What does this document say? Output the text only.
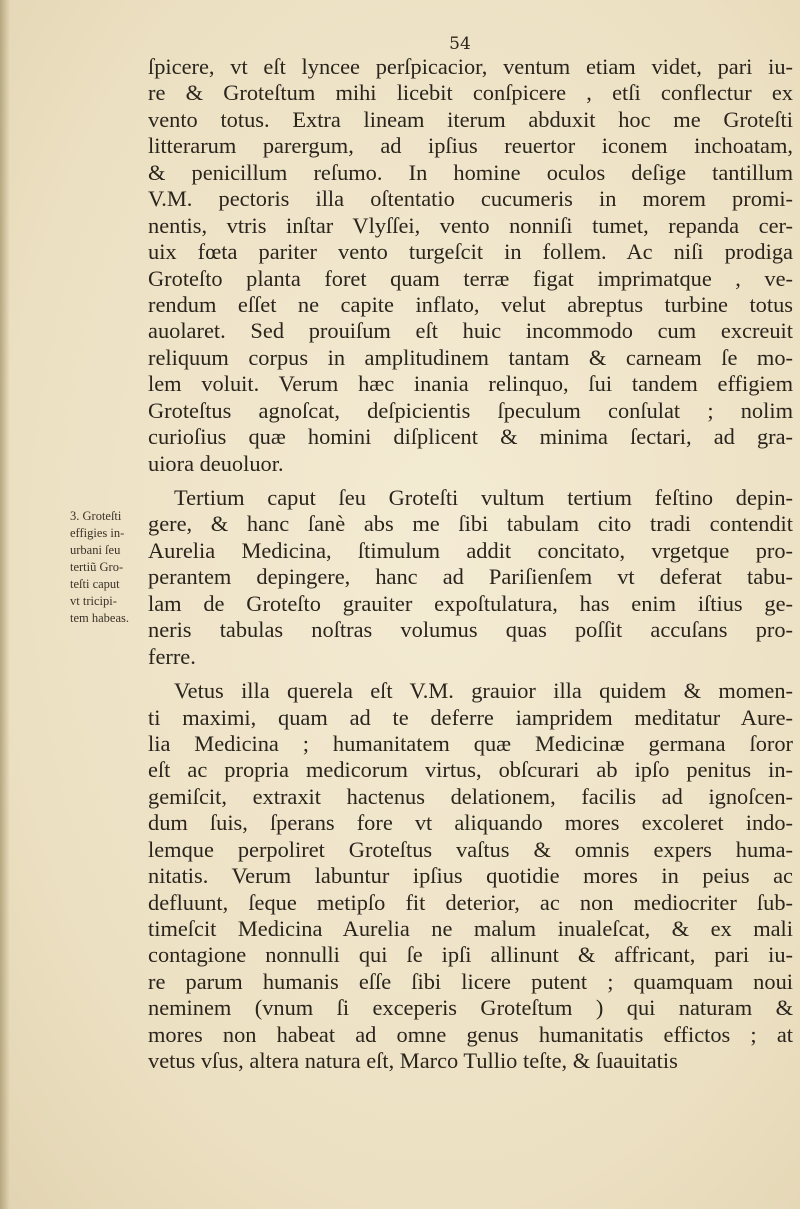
54
ſpicere, vt eſt lyncee perſpicacior, ventum etiam videt, pari iu-
re & Groteſtum mihi licebit conſpicere , etſi conflectur ex
vento totus. Extra lineam iterum abduxit hoc me Groteſti
litterarum parergum, ad ipſius reuertor iconem inchoatam,
& penicillum reſumo. In homine oculos deſige tantillum
V.M. pectoris illa oſtentatio cucumeris in morem promi-
nentis, vtris inſtar Vlyſſei, vento nonniſi tumet, repanda cer-
uix fœta pariter vento turgeſcit in follem. Ac niſi prodiga
Groteſto planta foret quam terræ figat imprimatque , ve-
rendum eſſet ne capite inflato, velut abreptus turbine totus
auolaret. Sed prouiſum eſt huic incommodo cum excreuit
reliquum corpus in amplitudinem tantam & carneam ſe mo-
lem voluit. Verum hæc inania relinquo, ſui tandem effigiem
Groteſtus agnoſcat, deſpicientis ſpeculum conſulat ; nolim
curioſius quæ homini diſplicent & minima ſectari, ad gra-
uiora deuoluor.
Tertium caput ſeu Groteſti vultum tertium feſtino depin-
gere, & hanc ſanè abs me ſibi tabulam cito tradi contendit
Aurelia Medicina, ſtimulum addit concitato, vrgetque pro-
perantem depingere, hanc ad Pariſienſem vt deferat tabu-
lam de Groteſto grauiter expoſtulatura, has enim iſtius ge-
neris tabulas noſtras volumus quas poſſit accuſans pro-
ferre.
Vetus illa querela eſt V.M. grauior illa quidem & momen-
ti maximi, quam ad te deferre iampridem meditatur Aure-
lia Medicina ; humanitatem quæ Medicinæ germana ſoror
eſt ac propria medicorum virtus, obſcurari ab ipſo penitus in-
gemiſcit, extraxit hactenus delationem, facilis ad ignoſcen-
dum ſuis, ſperans fore vt aliquando mores excoleret indo-
lemque perpoliret Groteſtus vaſtus & omnis expers huma-
nitatis. Verum labuntur ipſius quotidie mores in peius ac
defluunt, ſeque metipſo fit deterior, ac non mediocriter ſub-
timeſcit Medicina Aurelia ne malum inualeſcat, & ex mali
contagione nonnulli qui ſe ipſi allinunt & affricant, pari iu-
re parum humanis eſſe ſibi licere putent ; quamquam noui
neminem (vnum ſi exceperis Groteſtum ) qui naturam &
mores non habeat ad omne genus humanitatis effictos ; at
vetus vſus, altera natura eſt, Marco Tullio teſte, & ſuauitatis
3. Groteſti
effigies in-
urbani ſeu
tertiũ Gro-
teſti caput
vt tricipi-
tem habeas.
